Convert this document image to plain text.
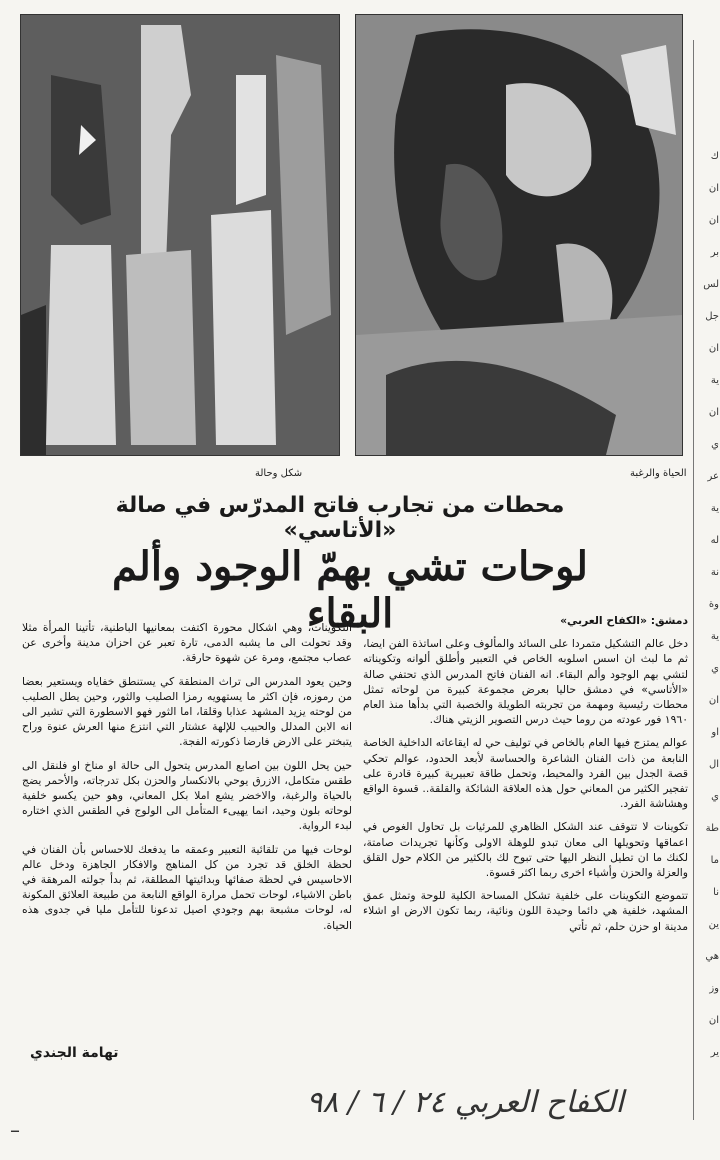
شكل وحالة	الحياة والرغبة
محطات من تجارب فاتح المدرّس في صالة «الأتاسي»
لوحات تشي بهمّ الوجود وألم البقاء	دمشق: «الكفاح العربي»

دخل عالم التشكيل متمردا على السائد والمألوف وعلى اساتذة الفن ايضا، ثم ما لبث ان اسس اسلوبه الخاص في التعبير وأطلق ألوانه وتكويناته لتشي بهم الوجود وألم البقاء. انه الفنان فاتح المدرس الذي تحتفي صالة «الأتاسي» في دمشق حاليا بعرض مجموعة كبيرة من لوحاته تمثل محطات رئيسية ومهمة من تجربته الطويلة والخصبة التي بدأها منذ العام ١٩٦٠ فور عودته من روما حيث درس التصوير الزيتي هناك.

عوالم يمتزج فيها العام بالخاص في توليف حي له ايقاعاته الداخلية الخاصة النابعة من ذات الفنان الشاعرة والحساسة لأبعد الحدود، عوالم تحكي قصة الجدل بين الفرد والمحيط، وتحمل طاقة تعبيرية كبيرة قادرة على تفجير الكثير من المعاني حول هذه العلاقة الشائكة والقلقة.. قسوة الواقع وهشاشة الفرد.

تكوينات لا تتوقف عند الشكل الظاهري للمرئيات بل تحاول الغوص في اعماقها وتحويلها الى معان تبدو للوهلة الاولى وكأنها تجريدات صامتة، لكنك ما ان تطيل النظر اليها حتى تبوح لك بالكثير من الكلام حول القلق والعزلة والحزن وأشياء اخرى ربما اكثر قسوة.

تتموضع التكوينات على خلفية تشكل المساحة الكلية للوحة وتمثل عمق المشهد، خلفية هي دائما وحيدة اللون ونائية، ربما تكون الارض او اشلاء مدينة او حزن حلم، ثم تأتي

التكوينات، وهي اشكال محورة اكتفت بمعانيها الباطنية، تأتينا المرأة مثلا وقد تحولت الى ما يشبه الدمى، تارة تعبر عن احزان مدينة وأخرى عن عصاب مجتمع، ومرة عن شهوة حارقة.

وحين يعود المدرس الى تراث المنطقة كي يستنطق خفاياه ويستعير بعضا من رموزه، فإن اكثر ما يستهويه رمزا الصليب والثور، وحين يطل الصليب من لوحته يزيد المشهد عذابا وقلقا، اما الثور فهو الاسطورة التي تشير الى انه الابن المدلل والحبيب للإلهة عشتار التي انتزع منها العرش عنوة وراح يتبختر على الارض فارضا ذكورته الفجة.

حين يحل اللون بين اصابع المدرس يتحول الى حالة او مناخ او فلنقل الى طقس متكامل، الازرق يوحي بالانكسار والحزن بكل تدرجاته، والأحمر يضج بالحياة والرغبة، والاخضر يشع املا بكل المعاني، وهو حين يكسو خلفية لوحاته بلون وحيد، انما يهيىء المتأمل الى الولوج في الطقس الذي اختاره لبدء الرواية.

لوحات فيها من تلقائية التعبير وعمقه ما يدفعك للاحساس بأن الفنان في لحظة الخلق قد تجرد من كل المناهج والافكار الجاهزة ودخل عالم الاحاسيس في لحظة صفائها وبدائيتها المطلقة، ثم بدأ جولته المرهقة في باطن الاشياء، لوحات تحمل مرارة الواقع النابعة من طبيعة العلائق المكونة له، لوحات مشبعة بهم وجودي اصيل تدعونا للتأمل مليا في جدوى هذه الحياة.

تهامة الجندي
الكفاح العربي ٢٤ / ٦ / ٩٨
–
ك
ان
ان
بر
لس
جل
ان
ية
ان
ي
عر
ية
له
نة
وة
ية
ي
ان
او
ال
ي
طة
ما
نا
ين
هي
وز
ان
ير
